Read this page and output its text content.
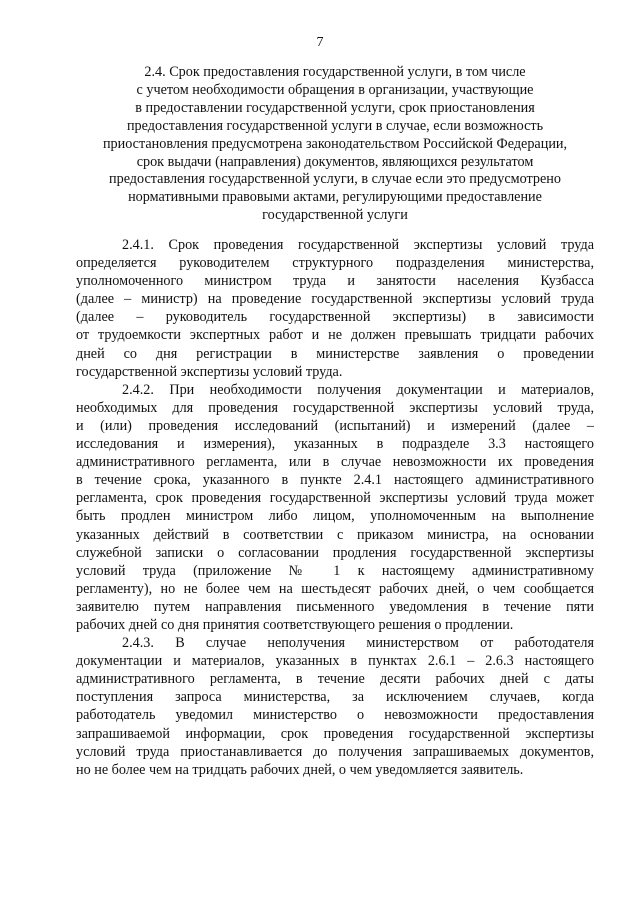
7
2.4. Срок предоставления государственной услуги, в том числе
с учетом необходимости обращения в организации, участвующие
в предоставлении государственной услуги, срок приостановления
предоставления государственной услуги в случае, если возможность
приостановления предусмотрена законодательством Российской Федерации,
срок выдачи (направления) документов, являющихся результатом
предоставления государственной услуги, в случае если это предусмотрено
нормативными правовыми актами, регулирующими предоставление
государственной услуги
2.4.1. Срок проведения государственной экспертизы условий труда
определяется руководителем структурного подразделения министерства,
уполномоченного министром труда и занятости населения Кузбасса
(далее – министр) на проведение государственной экспертизы условий труда
(далее – руководитель государственной экспертизы) в зависимости
от трудоемкости экспертных работ и не должен превышать тридцати рабочих
дней со дня регистрации в министерстве заявления о проведении
государственной экспертизы условий труда.
2.4.2. При необходимости получения документации и материалов,
необходимых для проведения государственной экспертизы условий труда,
и (или) проведения исследований (испытаний) и измерений (далее –
исследования и измерения), указанных в подразделе 3.3 настоящего
административного регламента, или в случае невозможности их проведения
в течение срока, указанного в пункте 2.4.1 настоящего административного
регламента, срок проведения государственной экспертизы условий труда может
быть продлен министром либо лицом, уполномоченным на выполнение
указанных действий в соответствии с приказом министра, на основании
служебной записки о согласовании продления государственной экспертизы
условий труда (приложение № 1 к настоящему административному
регламенту), но не более чем на шестьдесят рабочих дней, о чем сообщается
заявителю путем направления письменного уведомления в течение пяти
рабочих дней со дня принятия соответствующего решения о продлении.
2.4.3. В случае неполучения министерством от работодателя
документации и материалов, указанных в пунктах 2.6.1 – 2.6.3 настоящего
административного регламента, в течение десяти рабочих дней с даты
поступления запроса министерства, за исключением случаев, когда
работодатель уведомил министерство о невозможности предоставления
запрашиваемой информации, срок проведения государственной экспертизы
условий труда приостанавливается до получения запрашиваемых документов,
но не более чем на тридцать рабочих дней, о чем уведомляется заявитель.
